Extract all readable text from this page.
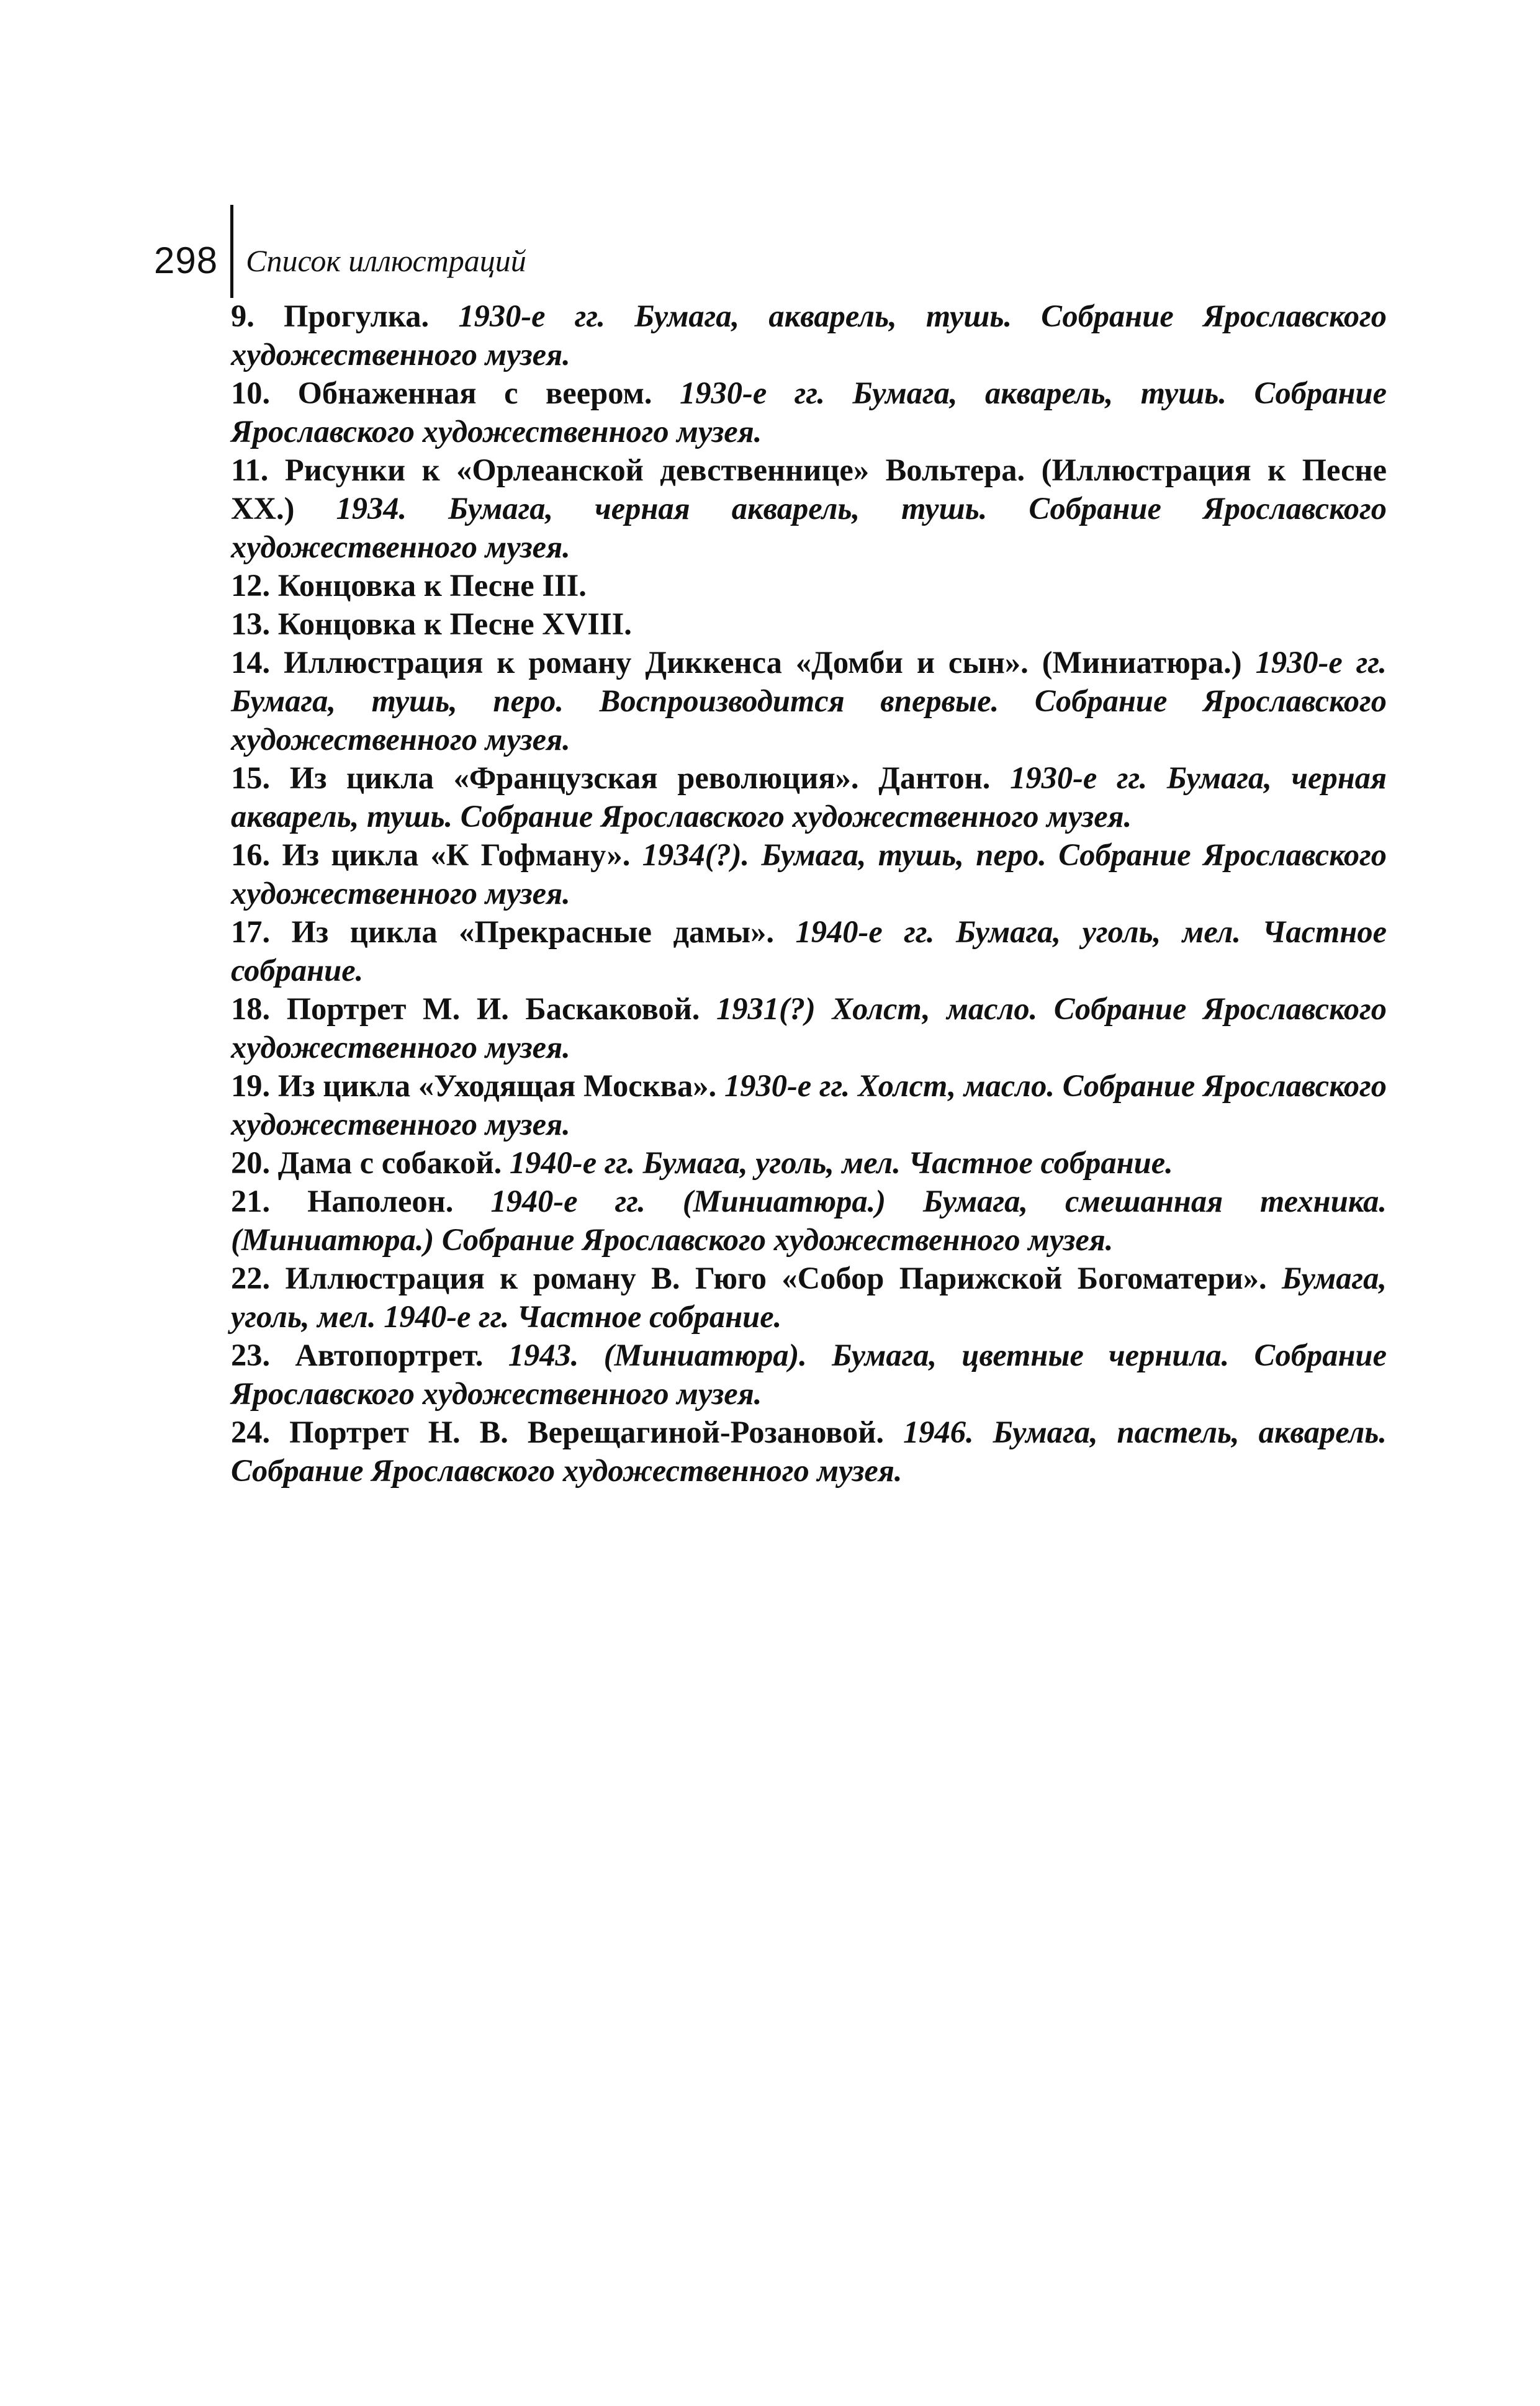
298 Список иллюстраций

9. Прогулка. 1930-е гг. Бумага, акварель, тушь. Собрание Ярославского художественного музея.

10. Обнаженная с веером. 1930-е гг. Бумага, акварель, тушь. Собрание Ярославского художественного музея.

11. Рисунки к «Орлеанской девственнице» Вольтера. (Иллюстрация к Песне XX.) 1934. Бумага, черная акварель, тушь. Собрание Ярославского художественного музея.

12. Концовка к Песне III.

13. Концовка к Песне XVIII.

14. Иллюстрация к роману Диккенса «Домби и сын». (Миниатюра.) 1930-е гг. Бумага, тушь, перо. Воспроизводится впервые. Собрание Ярославского художественного музея.

15. Из цикла «Французская революция». Дантон. 1930-е гг. Бумага, черная акварель, тушь. Собрание Ярославского художественного музея.

16. Из цикла «К Гофману». 1934(?). Бумага, тушь, перо. Собрание Ярославского художественного музея.

17. Из цикла «Прекрасные дамы». 1940-е гг. Бумага, уголь, мел. Частное собрание.

18. Портрет М. И. Баскаковой. 1931(?) Холст, масло. Собрание Ярославского художественного музея.

19. Из цикла «Уходящая Москва». 1930-е гг. Холст, масло. Собрание Ярославского художественного музея.

20. Дама с собакой. 1940-е гг. Бумага, уголь, мел. Частное собрание.

21. Наполеон. 1940-е гг. (Миниатюра.) Бумага, смешанная техника. (Миниатюра.) Собрание Ярославского художественного музея.

22. Иллюстрация к роману В. Гюго «Собор Парижской Богоматери». Бумага, уголь, мел. 1940-е гг. Частное собрание.

23. Автопортрет. 1943. (Миниатюра). Бумага, цветные чернила. Собрание Ярославского художественного музея.

24. Портрет Н. В. Верещагиной-Розановой. 1946. Бумага, пастель, акварель. Собрание Ярославского художественного музея.
